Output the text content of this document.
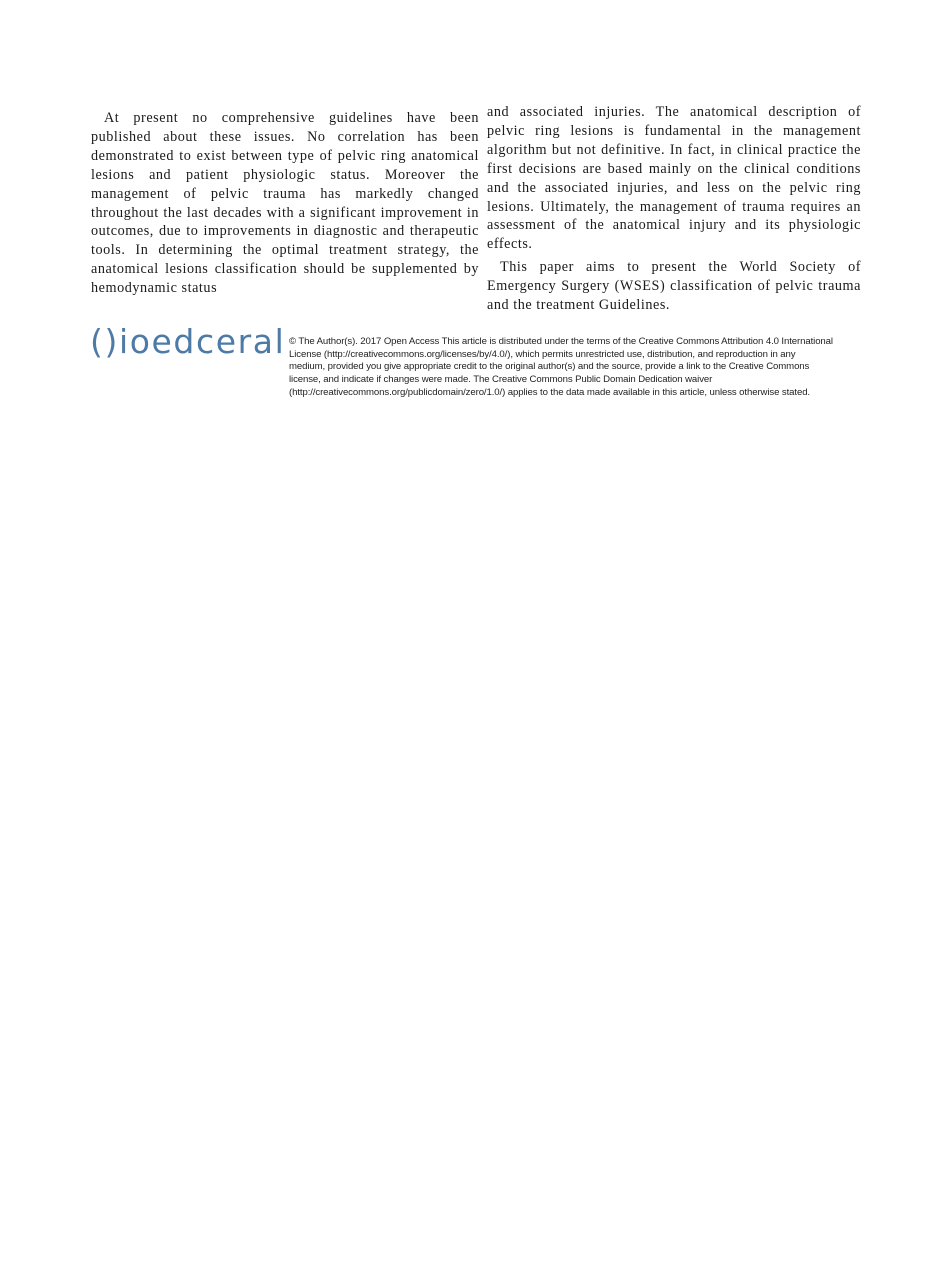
At present no comprehensive guidelines have been published about these issues. No correlation has been demonstrated to exist between type of pelvic ring anatomical lesions and patient physiologic status. Moreover the management of pelvic trauma has markedly changed throughout the last decades with a significant improvement in outcomes, due to improvements in diagnostic and therapeutic tools. In determining the optimal treatment strategy, the anatomical lesions classification should be supplemented by hemodynamic status

and associated injuries. The anatomical description of pelvic ring lesions is fundamental in the management algorithm but not definitive. In fact, in clinical practice the first decisions are based mainly on the clinical conditions and the associated injuries, and less on the pelvic ring lesions. Ultimately, the management of trauma requires an assessment of the anatomical injury and its physiologic effects.

This paper aims to present the World Society of Emergency Surgery (WSES) classification of pelvic trauma and the treatment Guidelines.

()ioedceral © The Author(s). 2017 Open Access This article is distributed under the terms of the Creative Commons Attribution 4.0 International License (http://creativecommons.org/licenses/by/4.0/), which permits unrestricted use, distribution, and reproduction in any medium, provided you give appropriate credit to the original author(s) and the source, provide a link to the Creative Commons license, and indicate if changes were made. The Creative Commons Public Domain Dedication waiver (http://creativecommons.org/publicdomain/zero/1.0/) applies to the data made available in this article, unless otherwise stated.
